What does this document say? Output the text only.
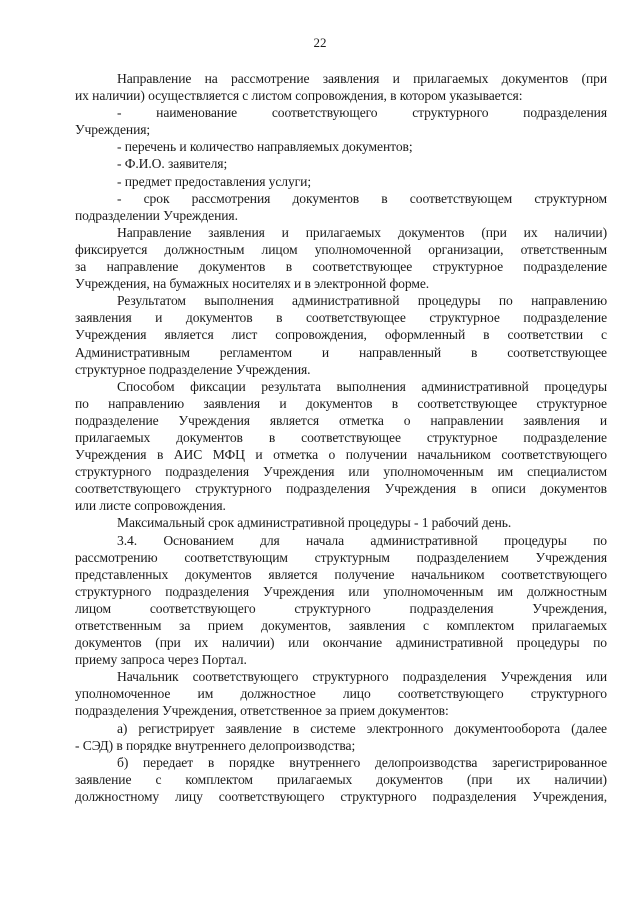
22
Направление на рассмотрение заявления и прилагаемых документов (при
их наличии) осуществляется с листом сопровождения, в котором указывается:
- наименование соответствующего структурного подразделения
Учреждения;
- перечень и количество направляемых документов;
- Ф.И.О. заявителя;
- предмет предоставления услуги;
- срок рассмотрения документов в соответствующем структурном
подразделении Учреждения.
Направление заявления и прилагаемых документов (при их наличии)
фиксируется должностным лицом уполномоченной организации, ответственным
за направление документов в соответствующее структурное подразделение
Учреждения, на бумажных носителях и в электронной форме.
Результатом выполнения административной процедуры по направлению
заявления и документов в соответствующее структурное подразделение
Учреждения является лист сопровождения, оформленный в соответствии с
Административным регламентом и направленный в соответствующее
структурное подразделение Учреждения.
Способом фиксации результата выполнения административной процедуры
по направлению заявления и документов в соответствующее структурное
подразделение Учреждения является отметка о направлении заявления и
прилагаемых документов в соответствующее структурное подразделение
Учреждения в АИС МФЦ и отметка о получении начальником соответствующего
структурного подразделения Учреждения или уполномоченным им специалистом
соответствующего структурного подразделения Учреждения в описи документов
или листе сопровождения.
Максимальный срок административной процедуры - 1 рабочий день.
3.4. Основанием для начала административной процедуры по
рассмотрению соответствующим структурным подразделением Учреждения
представленных документов является получение начальником соответствующего
структурного подразделения Учреждения или уполномоченным им должностным
лицом соответствующего структурного подразделения Учреждения,
ответственным за прием документов, заявления с комплектом прилагаемых
документов (при их наличии) или окончание административной процедуры по
приему запроса через Портал.
Начальник соответствующего структурного подразделения Учреждения или
уполномоченное им должностное лицо соответствующего структурного
подразделения Учреждения, ответственное за прием документов:
а) регистрирует заявление в системе электронного документооборота (далее
- СЭД) в порядке внутреннего делопроизводства;
б) передает в порядке внутреннего делопроизводства зарегистрированное
заявление с комплектом прилагаемых документов (при их наличии)
должностному лицу соответствующего структурного подразделения Учреждения,
